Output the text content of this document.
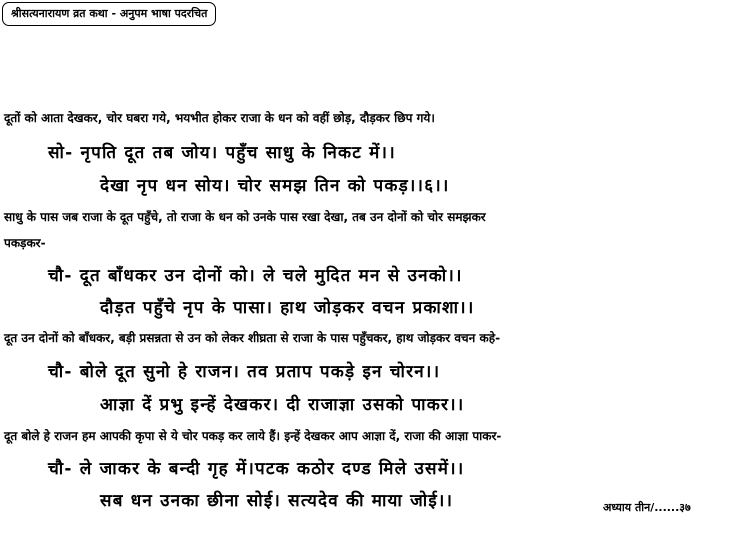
श्रीसत्यनारायण व्रत कथा - अनुपम भाषा पदरचित
दूतों को आता देखकर, चोर घबरा गये, भयभीत होकर राजा के धन को वहीं छोड़, दौड़कर छिप गये।
सो- नृपति दूत तब जोय। पहुँच साधु के निकट में।।
देखा नृप धन सोय। चोर समझ तिन को पकड़।।६।।
साधु के पास जब राजा के दूत पहुँचे, तो राजा के धन को उनके पास रखा देखा, तब उन दोनों को चोर समझकर
पकड़कर-
चौ- दूत बाँधकर उन दोनों को। ले चले मुदित मन से उनको।।
दौड़त पहुँचे नृप के पासा। हाथ जोड़कर वचन प्रकाशा।।
दूत उन दोनों को बाँधकर, बड़ी प्रसन्नता से उन को लेकर शीघ्रता से राजा के पास पहुँचकर, हाथ जोड़कर वचन कहे-
चौ- बोले दूत सुनो हे राजन। तव प्रताप पकड़े इन चोरन।।
आज्ञा दें प्रभु इन्हें देखकर। दी राजाज्ञा उसको पाकर।।
दूत बोले हे राजन हम आपकी कृपा से ये चोर पकड़ कर लाये हैं। इन्हें देखकर आप आज्ञा दें, राजा की आज्ञा पाकर-
चौ- ले जाकर के बन्दी गृह में।पटक कठोर दण्ड मिले उसमें।।
सब धन उनका छीना सोई। सत्यदेव की माया जोई।।	अध्याय तीन/......३७
